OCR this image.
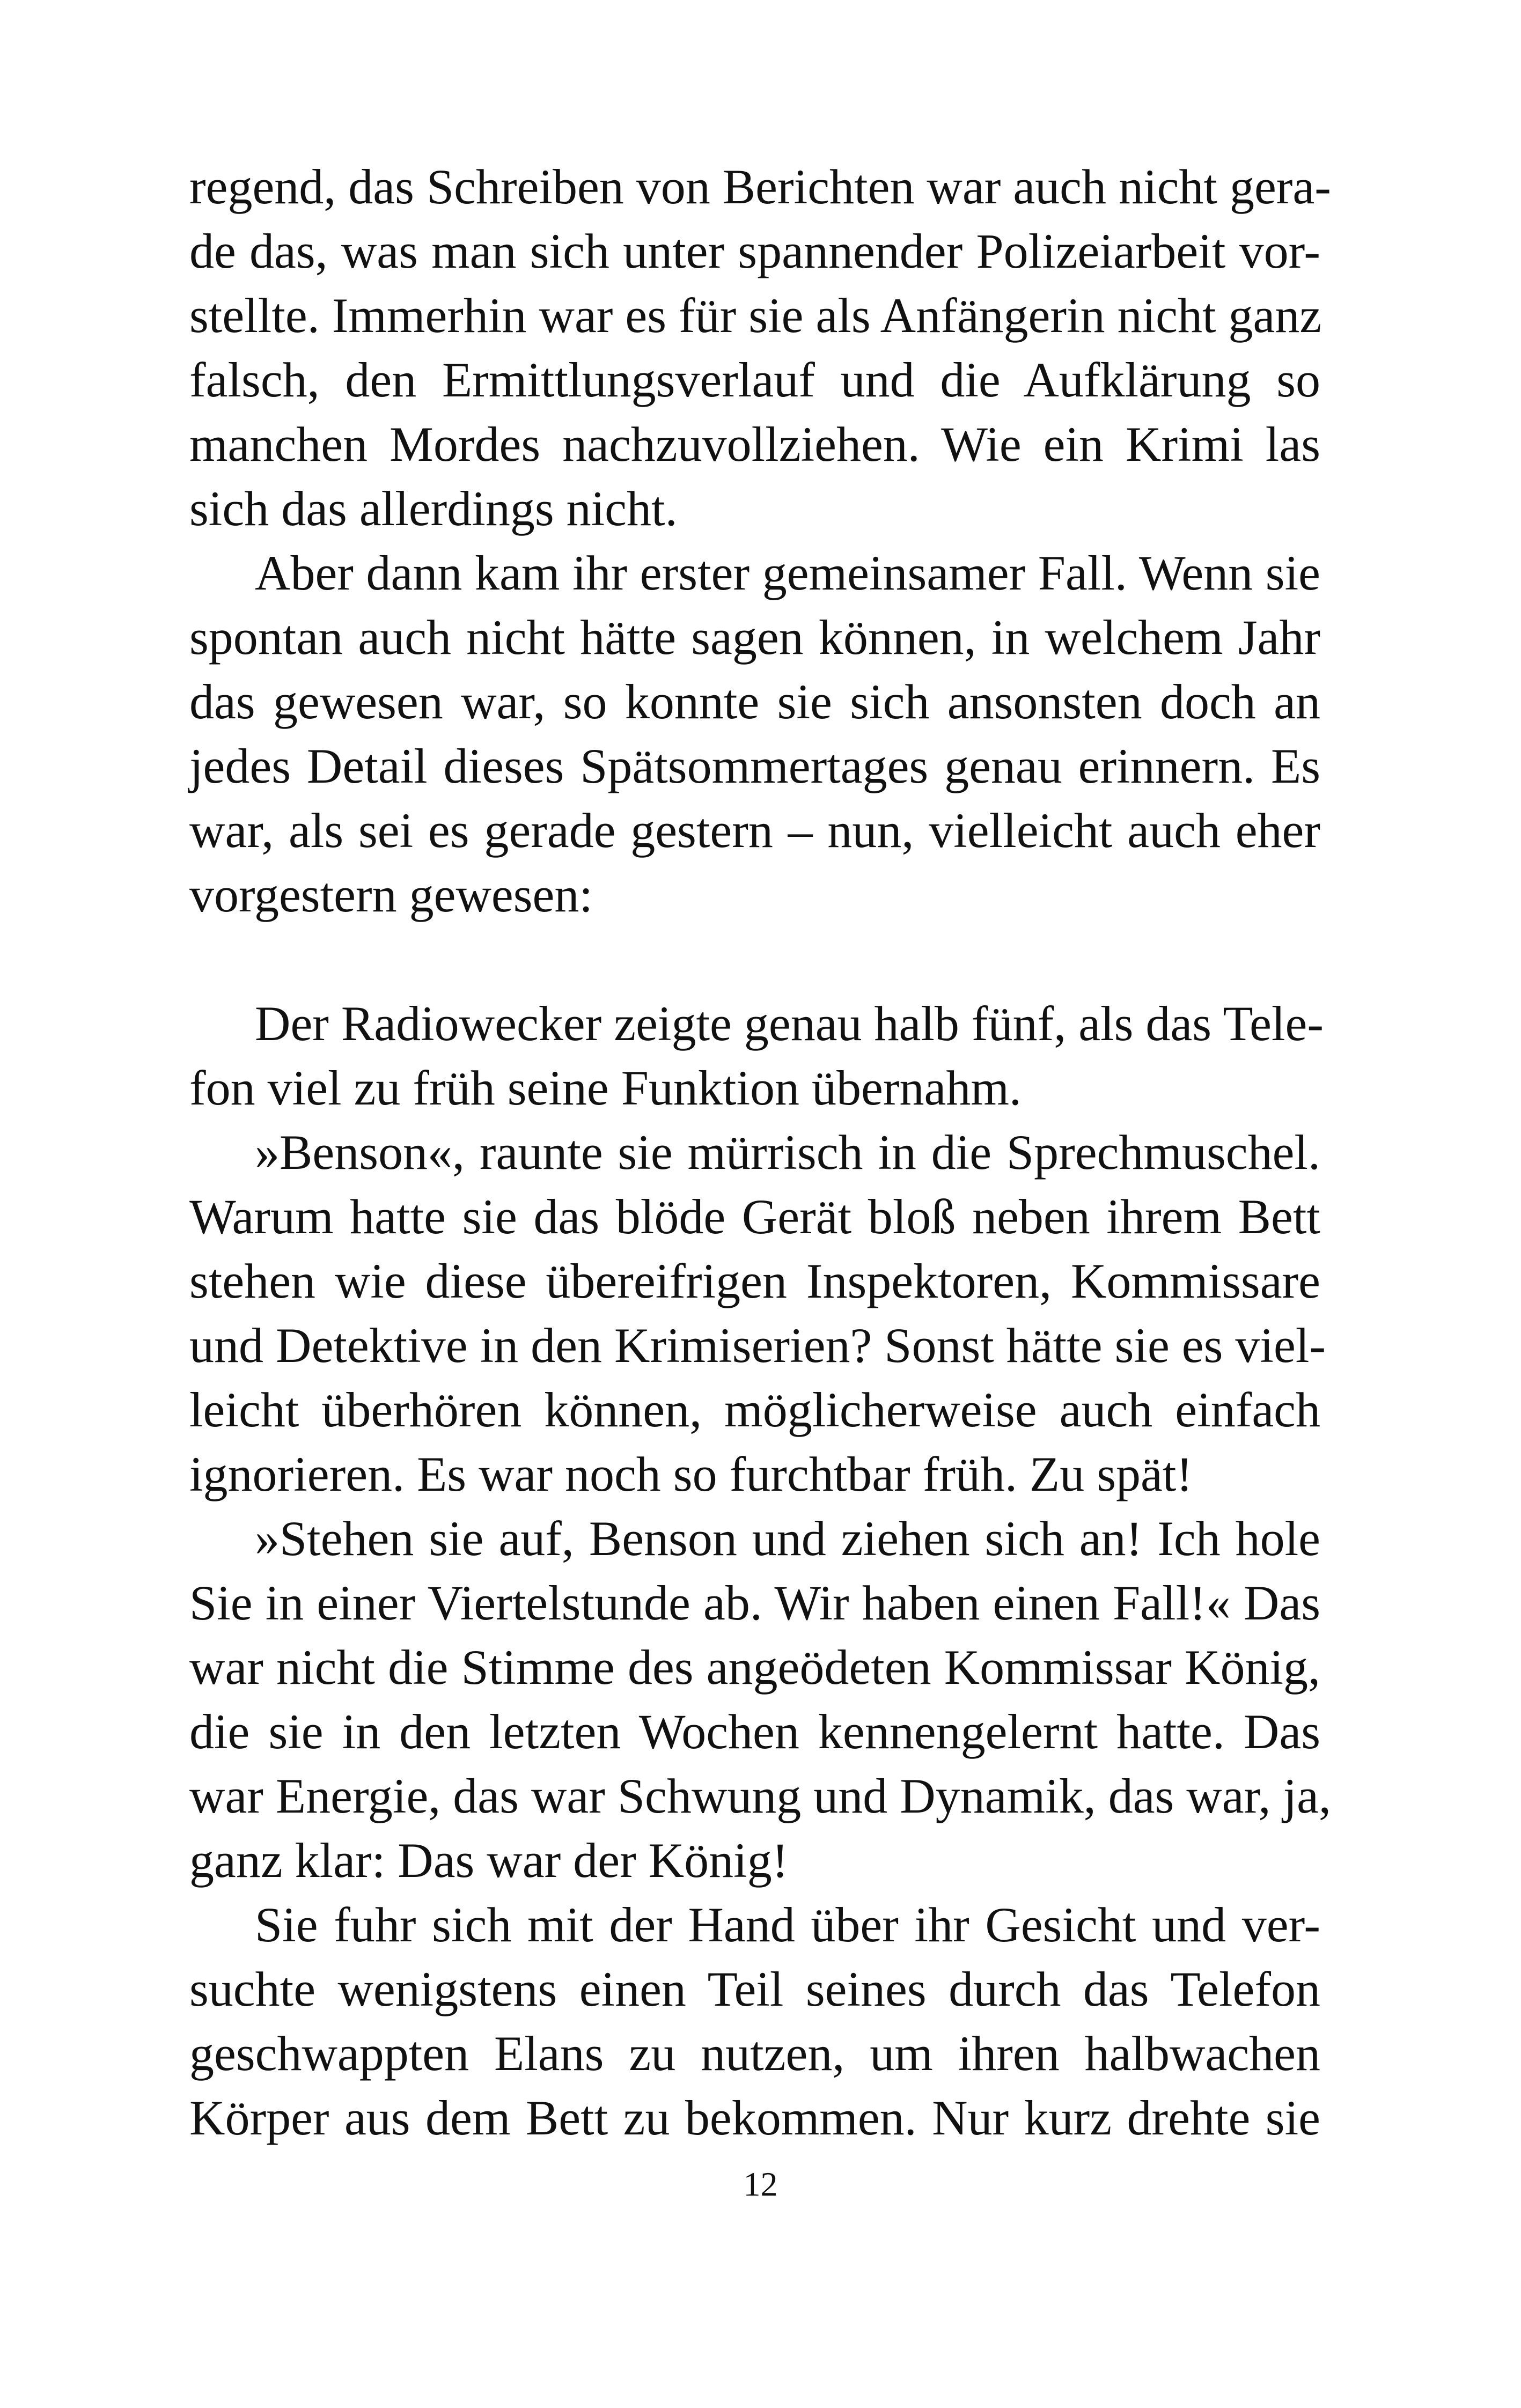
regend, das Schreiben von Berichten war auch nicht gera-
de das, was man sich unter spannender Polizeiarbeit vor-
stellte. Immerhin war es für sie als Anfängerin nicht ganz
falsch, den Ermittlungsverlauf und die Aufklärung so
manchen Mordes nachzuvollziehen. Wie ein Krimi las
sich das allerdings nicht.
Aber dann kam ihr erster gemeinsamer Fall. Wenn sie
spontan auch nicht hätte sagen können, in welchem Jahr
das gewesen war, so konnte sie sich ansonsten doch an
jedes Detail dieses Spätsommertages genau erinnern. Es
war, als sei es gerade gestern – nun, vielleicht auch eher
vorgestern gewesen:
Der Radiowecker zeigte genau halb fünf, als das Tele-
fon viel zu früh seine Funktion übernahm.
»Benson«, raunte sie mürrisch in die Sprechmuschel.
Warum hatte sie das blöde Gerät bloß neben ihrem Bett
stehen wie diese übereifrigen Inspektoren, Kommissare
und Detektive in den Krimiserien? Sonst hätte sie es viel-
leicht überhören können, möglicherweise auch einfach
ignorieren. Es war noch so furchtbar früh. Zu spät!
»Stehen sie auf, Benson und ziehen sich an! Ich hole
Sie in einer Viertelstunde ab. Wir haben einen Fall!« Das
war nicht die Stimme des angeödeten Kommissar König,
die sie in den letzten Wochen kennengelernt hatte. Das
war Energie, das war Schwung und Dynamik, das war, ja,
ganz klar: Das war der König!
Sie fuhr sich mit der Hand über ihr Gesicht und ver-
suchte wenigstens einen Teil seines durch das Telefon
geschwappten Elans zu nutzen, um ihren halbwachen
Körper aus dem Bett zu bekommen. Nur kurz drehte sie
12
